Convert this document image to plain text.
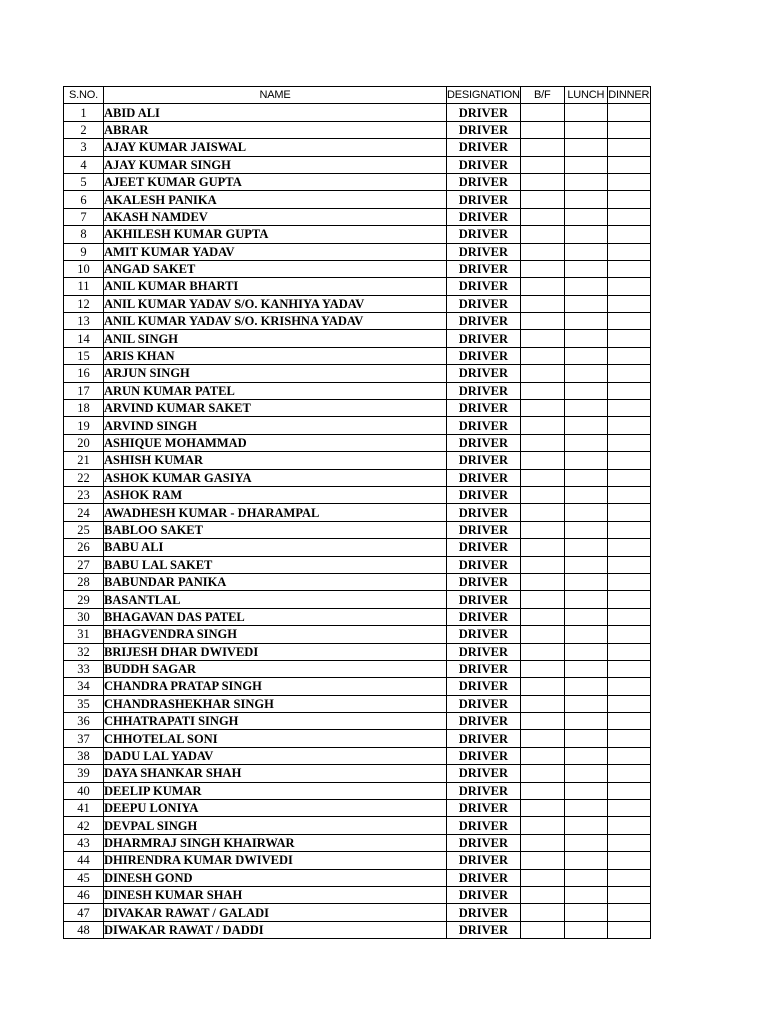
S.NO.	NAME	DESIGNATION	B/F	LUNCH	DINNER
1	ABID ALI	DRIVER			
2	ABRAR	DRIVER			
3	AJAY KUMAR JAISWAL	DRIVER			
4	AJAY KUMAR SINGH	DRIVER			
5	AJEET KUMAR GUPTA	DRIVER			
6	AKALESH PANIKA	DRIVER			
7	AKASH NAMDEV	DRIVER			
8	AKHILESH KUMAR GUPTA	DRIVER			
9	AMIT KUMAR YADAV	DRIVER			
10	ANGAD SAKET	DRIVER			
11	ANIL KUMAR BHARTI	DRIVER			
12	ANIL KUMAR YADAV S/O. KANHIYA YADAV	DRIVER			
13	ANIL KUMAR YADAV S/O. KRISHNA YADAV	DRIVER			
14	ANIL SINGH	DRIVER			
15	ARIS KHAN	DRIVER			
16	ARJUN SINGH	DRIVER			
17	ARUN KUMAR PATEL	DRIVER			
18	ARVIND KUMAR SAKET	DRIVER			
19	ARVIND SINGH	DRIVER			
20	ASHIQUE MOHAMMAD	DRIVER			
21	ASHISH KUMAR	DRIVER			
22	ASHOK KUMAR GASIYA	DRIVER			
23	ASHOK RAM	DRIVER			
24	AWADHESH KUMAR - DHARAMPAL	DRIVER			
25	BABLOO SAKET	DRIVER			
26	BABU ALI	DRIVER			
27	BABU LAL SAKET	DRIVER			
28	BABUNDAR PANIKA	DRIVER			
29	BASANTLAL	DRIVER			
30	BHAGAVAN DAS PATEL	DRIVER			
31	BHAGVENDRA SINGH	DRIVER			
32	BRIJESH DHAR DWIVEDI	DRIVER			
33	BUDDH SAGAR	DRIVER			
34	CHANDRA PRATAP SINGH	DRIVER			
35	CHANDRASHEKHAR SINGH	DRIVER			
36	CHHATRAPATI SINGH	DRIVER			
37	CHHOTELAL SONI	DRIVER			
38	DADU LAL YADAV	DRIVER			
39	DAYA SHANKAR SHAH	DRIVER			
40	DEELIP KUMAR	DRIVER			
41	DEEPU LONIYA	DRIVER			
42	DEVPAL SINGH	DRIVER			
43	DHARMRAJ SINGH KHAIRWAR	DRIVER			
44	DHIRENDRA KUMAR DWIVEDI	DRIVER			
45	DINESH GOND	DRIVER			
46	DINESH KUMAR SHAH	DRIVER			
47	DIVAKAR RAWAT / GALADI	DRIVER			
48	DIWAKAR RAWAT / DADDI	DRIVER			
